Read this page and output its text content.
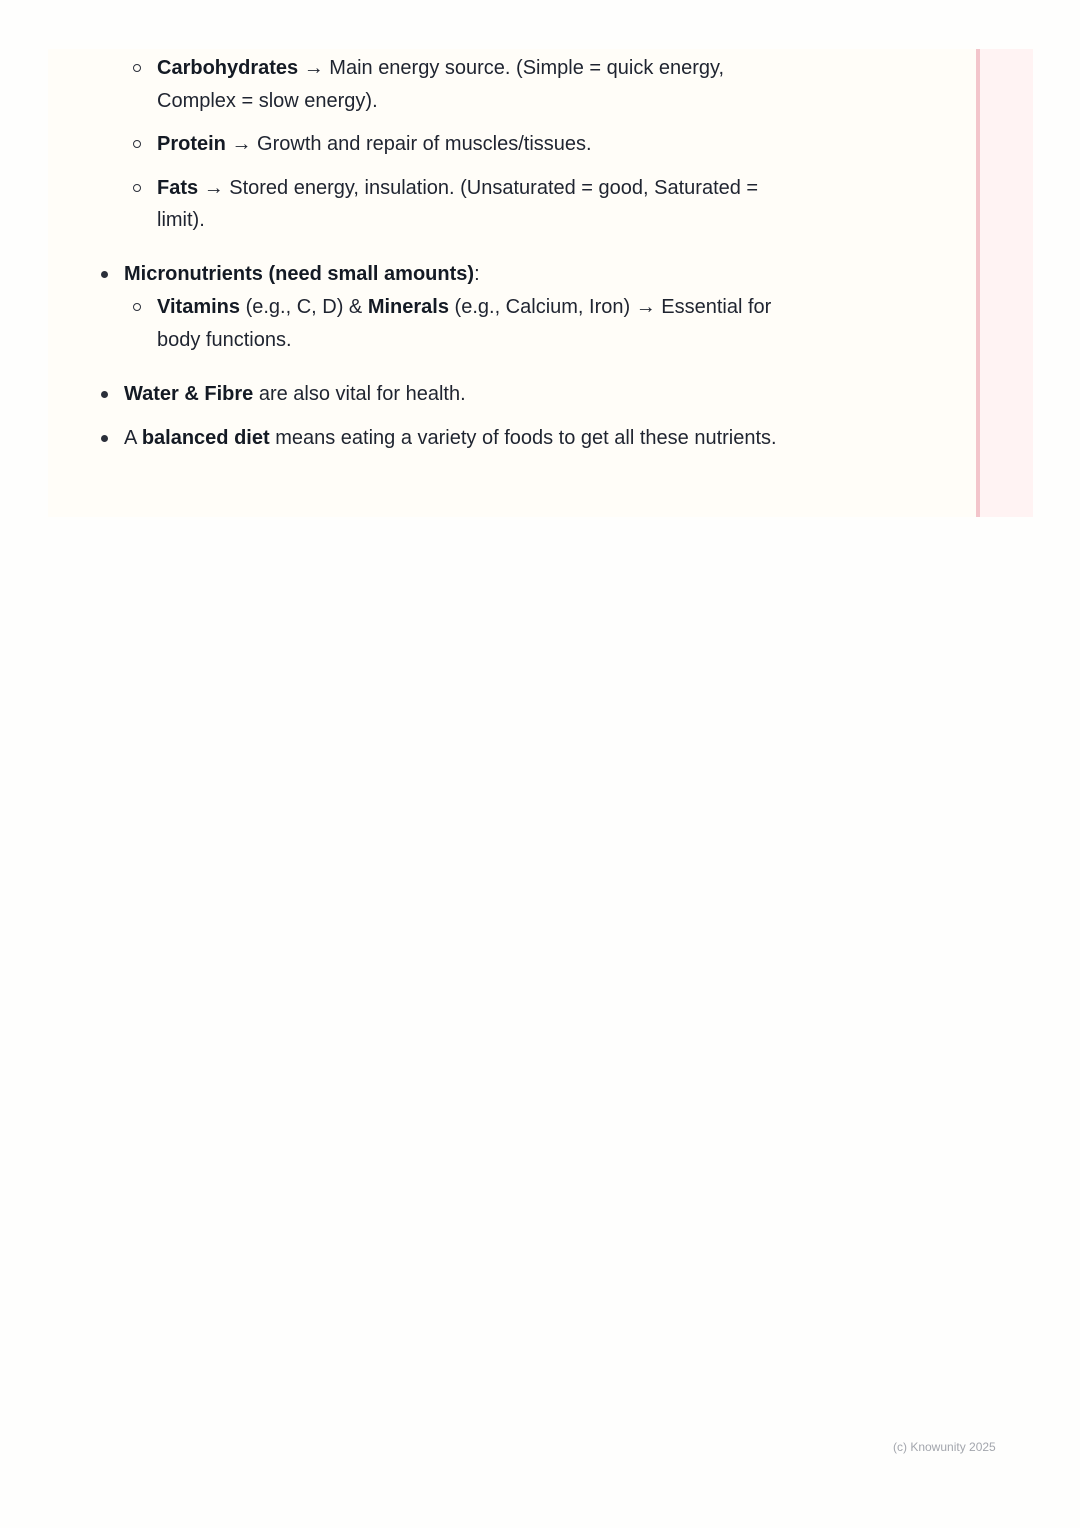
Carbohydrates → Main energy source. (Simple = quick energy,
Complex = slow energy).
Protein → Growth and repair of muscles/tissues.
Fats → Stored energy, insulation. (Unsaturated = good, Saturated =
limit).
Micronutrients (need small amounts):
Vitamins (e.g., C, D) & Minerals (e.g., Calcium, Iron) → Essential for
body functions.
Water & Fibre are also vital for health.
A balanced diet means eating a variety of foods to get all these nutrients.
(c) Knowunity 2025
